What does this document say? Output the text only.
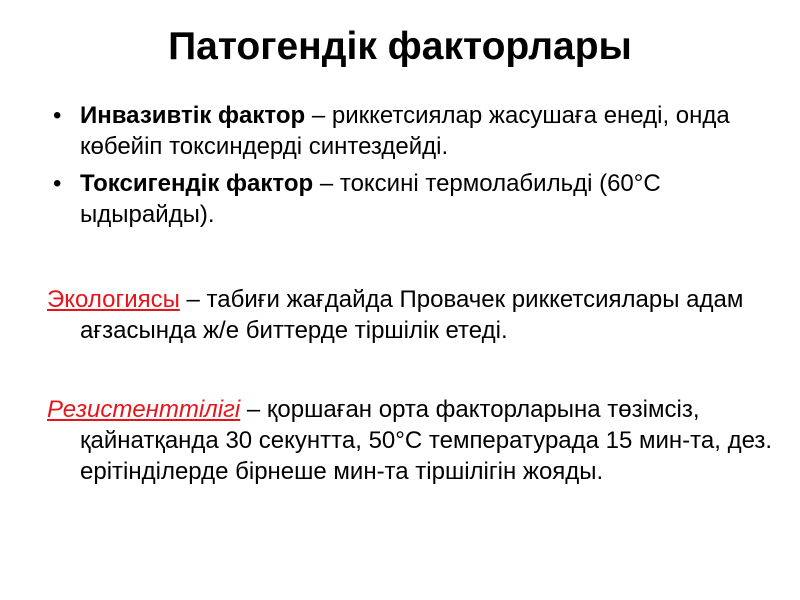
Патогендік факторлары
• Инвазивтік фактор – риккетсиялар жасушаға енеді, онда көбейіп токсиндерді синтездейді.
• Токсигендік фактор – токсині термолабильді (60°С ыдырайды).

Экологиясы – табиғи жағдайда Провачек риккетсиялары адам ағзасында ж/е биттерде тіршілік етеді.

Резистенттілігі – қоршаған орта факторларына төзімсіз, қайнатқанда 30 секунтта, 50°С температурада 15 мин-та, дез. ерітінділерде бірнеше мин-та тіршілігін жояды.
